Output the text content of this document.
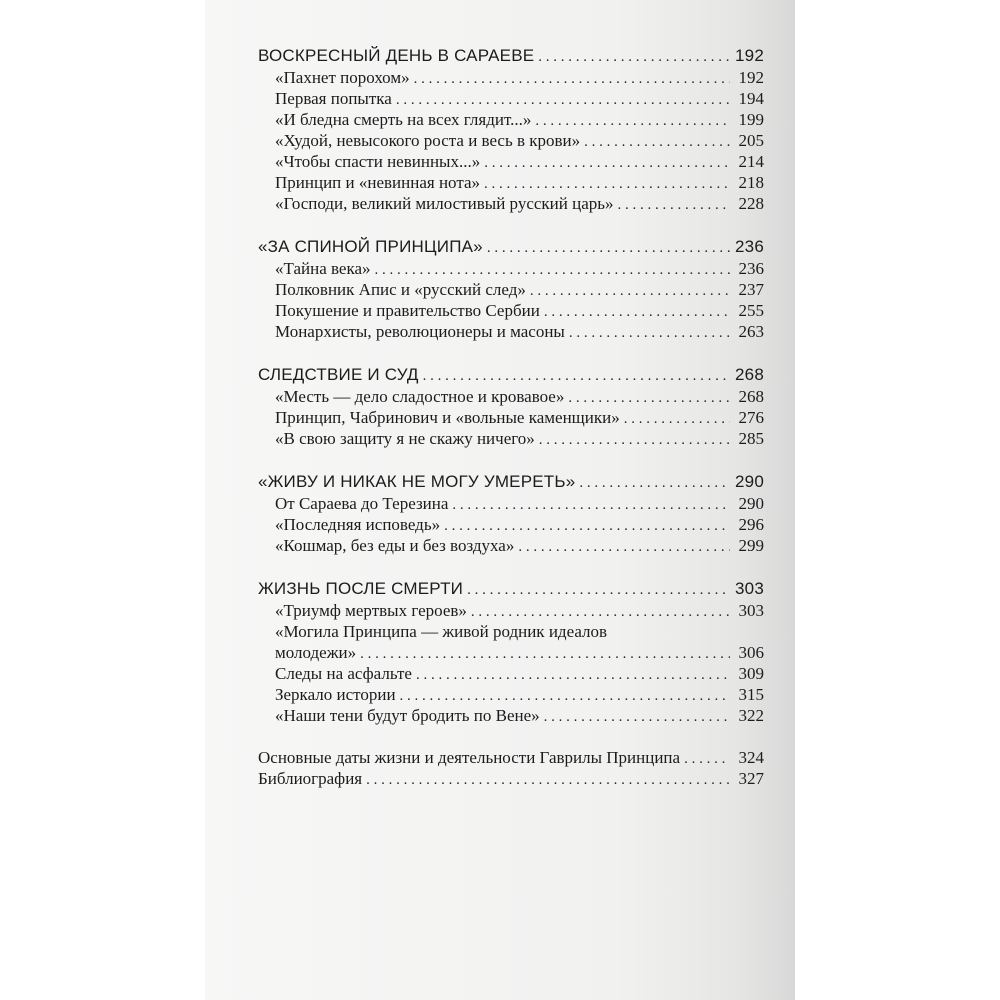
ВОСКРЕСНЫЙ ДЕНЬ В САРАЕВЕ . . .	192
«Пахнет порохом» . . .	192
Первая попытка . . .	194
«И бледна смерть на всех глядит...» . . .	199
«Худой, невысокого роста и весь в крови» . . .	205
«Чтобы спасти невинных...» . . .	214
Принцип и «невинная нота» . . .	218
«Господи, великий милостивый русский царь» . . .	228
«ЗА СПИНОЙ ПРИНЦИПА» . . .	236
«Тайна века» . . .	236
Полковник Апис и «русский след» . . .	237
Покушение и правительство Сербии . . .	255
Монархисты, революционеры и масоны . . .	263
СЛЕДСТВИЕ И СУД . . .	268
«Месть — дело сладостное и кровавое» . . .	268
Принцип, Чабринович и «вольные каменщики» . . .	276
«В свою защиту я не скажу ничего» . . .	285
«ЖИВУ И НИКАК НЕ МОГУ УМЕРЕТЬ» . . .	290
От Сараева до Терезина . . .	290
«Последняя исповедь» . . .	296
«Кошмар, без еды и без воздуха» . . .	299
ЖИЗНЬ ПОСЛЕ СМЕРТИ . . .	303
«Триумф мертвых героев» . . .	303
«Могила Принципа — живой родник идеалов
молодежи» . . .	306
Следы на асфальте . . .	309
Зеркало истории . . .	315
«Наши тени будут бродить по Вене» . . .	322
Основные даты жизни и деятельности Гаврилы Принципа . . .	324
Библиография . . .	327
